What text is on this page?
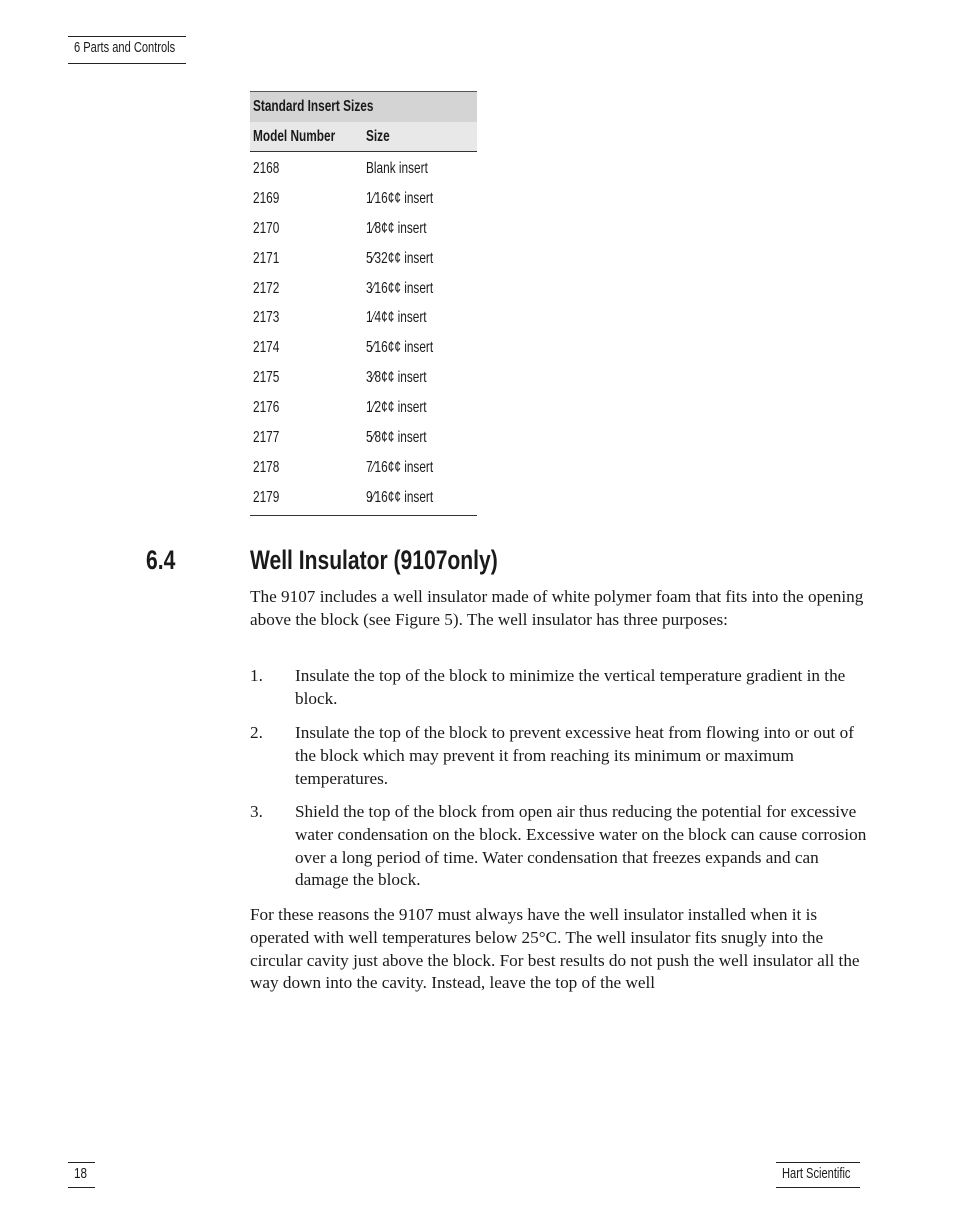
6 Parts and Controls
Standard Insert Sizes
Model Number Size
2168	Blank insert
2169	1⁄16¢¢ insert
2170	1⁄8¢¢ insert
2171	5⁄32¢¢ insert
2172	3⁄16¢¢ insert
2173	1⁄4¢¢ insert
2174	5⁄16¢¢ insert
2175	3⁄8¢¢ insert
2176	1⁄2¢¢ insert
2177	5⁄8¢¢ insert
2178	7⁄16¢¢ insert
2179	9⁄16¢¢ insert
6.4	Well Insulator (9107only)
The 9107 includes a well insulator made of white polymer foam that fits into the opening above the block (see Figure 5). The well insulator has three purposes:
1. Insulate the top of the block to minimize the vertical temperature gradient in the block.
2. Insulate the top of the block to prevent excessive heat from flowing into or out of the block which may prevent it from reaching its minimum or maximum temperatures.
3. Shield the top of the block from open air thus reducing the potential for excessive water condensation on the block. Excessive water on the block can cause corrosion over a long period of time. Water condensation that freezes expands and can damage the block.
For these reasons the 9107 must always have the well insulator installed when it is operated with well temperatures below 25°C. The well insulator fits snugly into the circular cavity just above the block. For best results do not push the well insulator all the way down into the cavity. Instead, leave the top of the well
18	Hart Scientific
